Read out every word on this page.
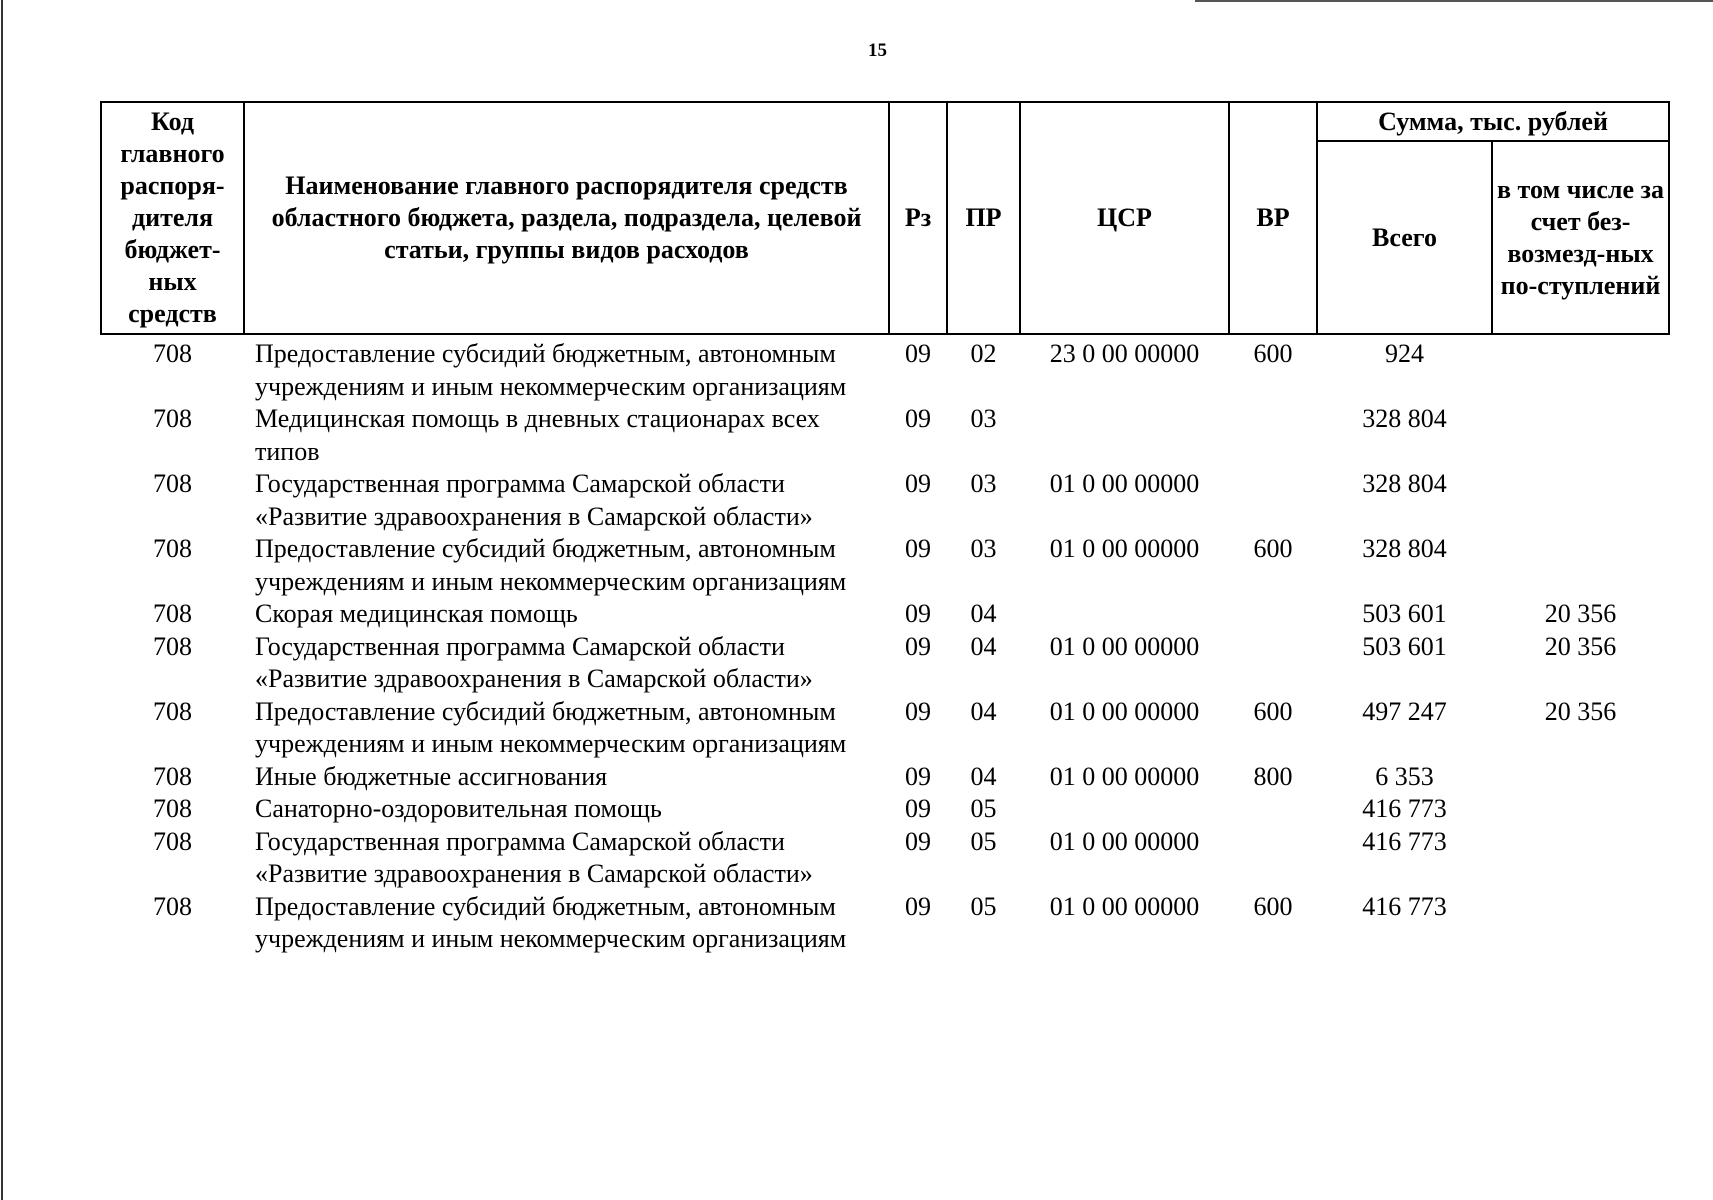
15
Код главного распоря-дителя бюджет-ных средств	Наименование главного распорядителя средств областного бюджета, раздела, подраздела, целевой статьи, группы видов расходов	Рз	ПР	ЦСР	ВР	Сумма, тыс. рублей	
						Всего	в том числе за счет без-возмезд-ных по-ступлений
708	Предоставление субсидий бюджетным, автономным учреждениям и иным некоммерческим организациям	09	02	23 0 00 00000	600	924	
708	Медицинская помощь в дневных стационарах всех типов	09	03			328 804	
708	Государственная программа Самарской области «Развитие здравоохранения в Самарской области»	09	03	01 0 00 00000		328 804	
708	Предоставление субсидий бюджетным, автономным учреждениям и иным некоммерческим организациям	09	03	01 0 00 00000	600	328 804	
708	Скорая медицинская помощь	09	04			503 601	20 356
708	Государственная программа Самарской области «Развитие здравоохранения в Самарской области»	09	04	01 0 00 00000		503 601	20 356
708	Предоставление субсидий бюджетным, автономным учреждениям и иным некоммерческим организациям	09	04	01 0 00 00000	600	497 247	20 356
708	Иные бюджетные ассигнования	09	04	01 0 00 00000	800	6 353	
708	Санаторно-оздоровительная помощь	09	05			416 773	
708	Государственная программа Самарской области «Развитие здравоохранения в Самарской области»	09	05	01 0 00 00000		416 773	
708	Предоставление субсидий бюджетным, автономным учреждениям и иным некоммерческим организациям	09	05	01 0 00 00000	600	416 773	
